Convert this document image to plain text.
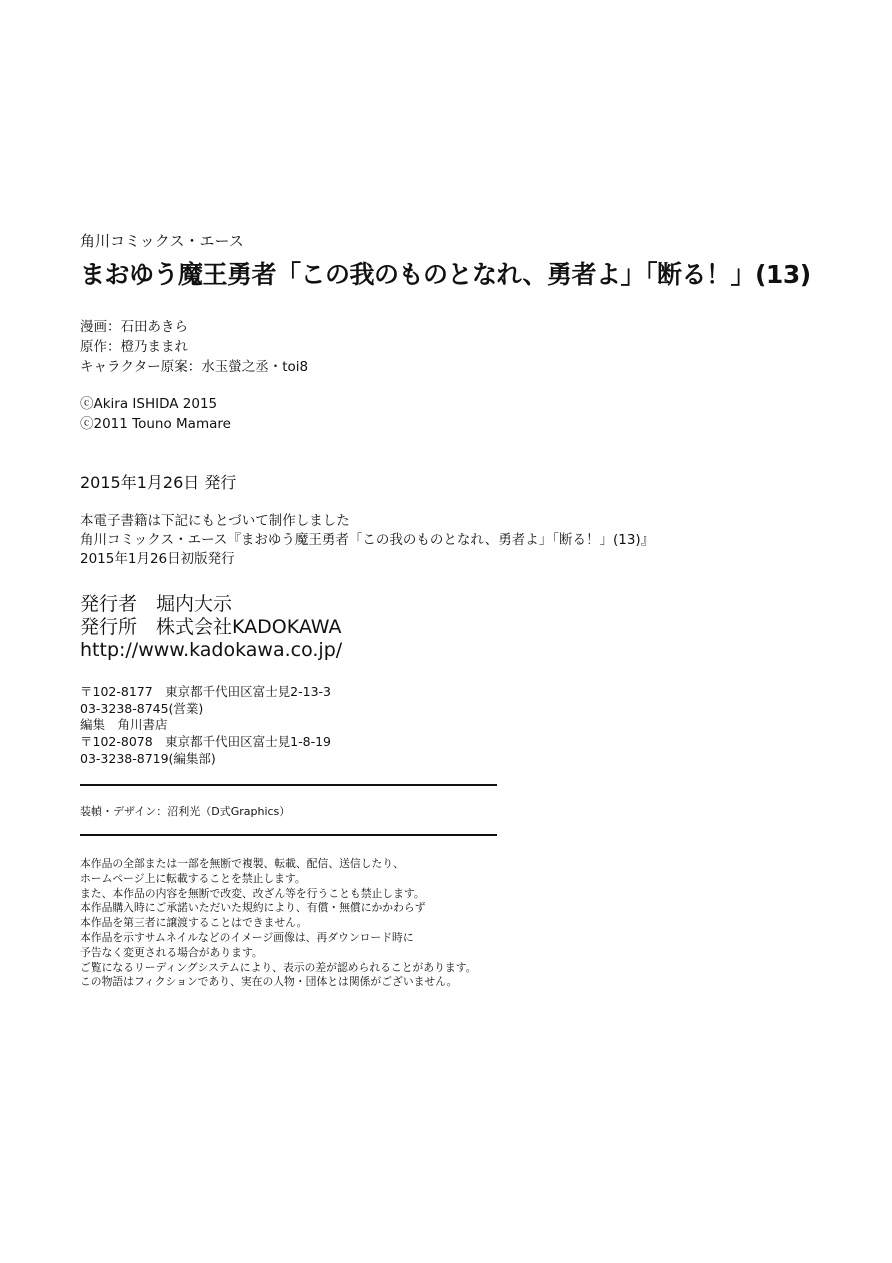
角川コミックス・エース

まおゆう魔王勇者「この我のものとなれ、勇者よ」「断る！」(13)
漫画：石田あきら
原作：橙乃ままれ
キャラクター原案：水玉螢之丞・toi8
ⓒAkira ISHIDA 2015
ⓒ2011 Touno Mamare

2015年1月26日 発行

本電子書籍は下記にもとづいて制作しました
角川コミックス・エース『まおゆう魔王勇者「この我のものとなれ、勇者よ」「断る！」(13)』
2015年1月26日初版発行
発行者　堀内大示
発行所　株式会社KADOKAWA
http://www.kadokawa.co.jp/
〒102-8177　東京都千代田区富士見2-13-3
03-3238-8745(営業)
編集　角川書店
〒102-8078　東京都千代田区富士見1-8-19
03-3238-8719(編集部)

装幀・デザイン：沼利光（D式Graphics）

本作品の全部または一部を無断で複製、転載、配信、送信したり、
ホームページ上に転載することを禁止します。
また、本作品の内容を無断で改変、改ざん等を行うことも禁止します。
本作品購入時にご承諾いただいた規約により、有償・無償にかかわらず
本作品を第三者に譲渡することはできません。
本作品を示すサムネイルなどのイメージ画像は、再ダウンロード時に
予告なく変更される場合があります。
ご覧になるリーディングシステムにより、表示の差が認められることがあります。
この物語はフィクションであり、実在の人物・団体とは関係がございません。
